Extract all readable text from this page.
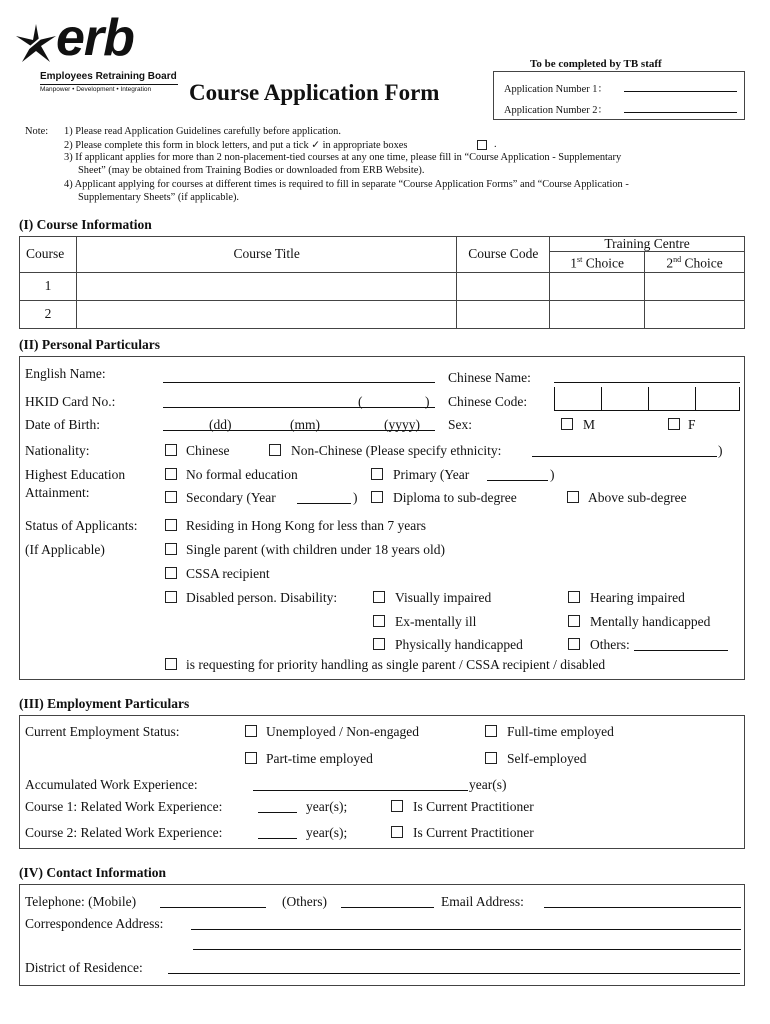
erb
Employees Retraining Board
Manpower • Development • Integration Course Application Form
To be completed by TB staff
Application Number 1：
Application Number 2：
Note: 1) Please read Application Guidelines carefully before application.
2) Please complete this form in block letters, and put a tick ✓ in appropriate boxes	.
3) If applicant applies for more than 2 non-placement-tied courses at any one time, please fill in “Course Application - Supplementary
Sheet” (may be obtained from Training Bodies or downloaded from ERB Website).
4) Applicant applying for courses at different times is required to fill in separate “Course Application Forms” and “Course Application -
Supplementary Sheets” (if applicable).
(I) Course Information
Course	Course Title	Course Code	Training Centre	
			1st Choice	2nd Choice
1				
2				
(II) Personal Particulars
English Name:	Chinese Name:
HKID Card No.:	(	) Chinese Code:
Date of Birth:	(dd)	(mm)	(yyyy) Sex:	M	F
Nationality:	Chinese	Non-Chinese (Please specify ethnicity:	)
Highest Education
Attainment:
No formal education	Primary (Year	)
Secondary (Year	)	Diploma to sub-degree	Above sub-degree
Status of Applicants:
(If Applicable)
Residing in Hong Kong for less than 7 years
Single parent (with children under 18 years old)
CSSA recipient
Disabled person. Disability:	Visually impaired	Hearing impaired
Ex-mentally ill	Mentally handicapped
Physically handicapped	Others:
is requesting for priority handling as single parent / CSSA recipient / disabled
(III) Employment Particulars
Current Employment Status:	Unemployed / Non-engaged	Full-time employed
Part-time employed	Self-employed
Accumulated Work Experience:	year(s)
Course 1: Related Work Experience:	year(s);	Is Current Practitioner
Course 2: Related Work Experience:	year(s);	Is Current Practitioner
(IV) Contact Information
Telephone: (Mobile)	(Others)	Email Address:
Correspondence Address:
District of Residence:
